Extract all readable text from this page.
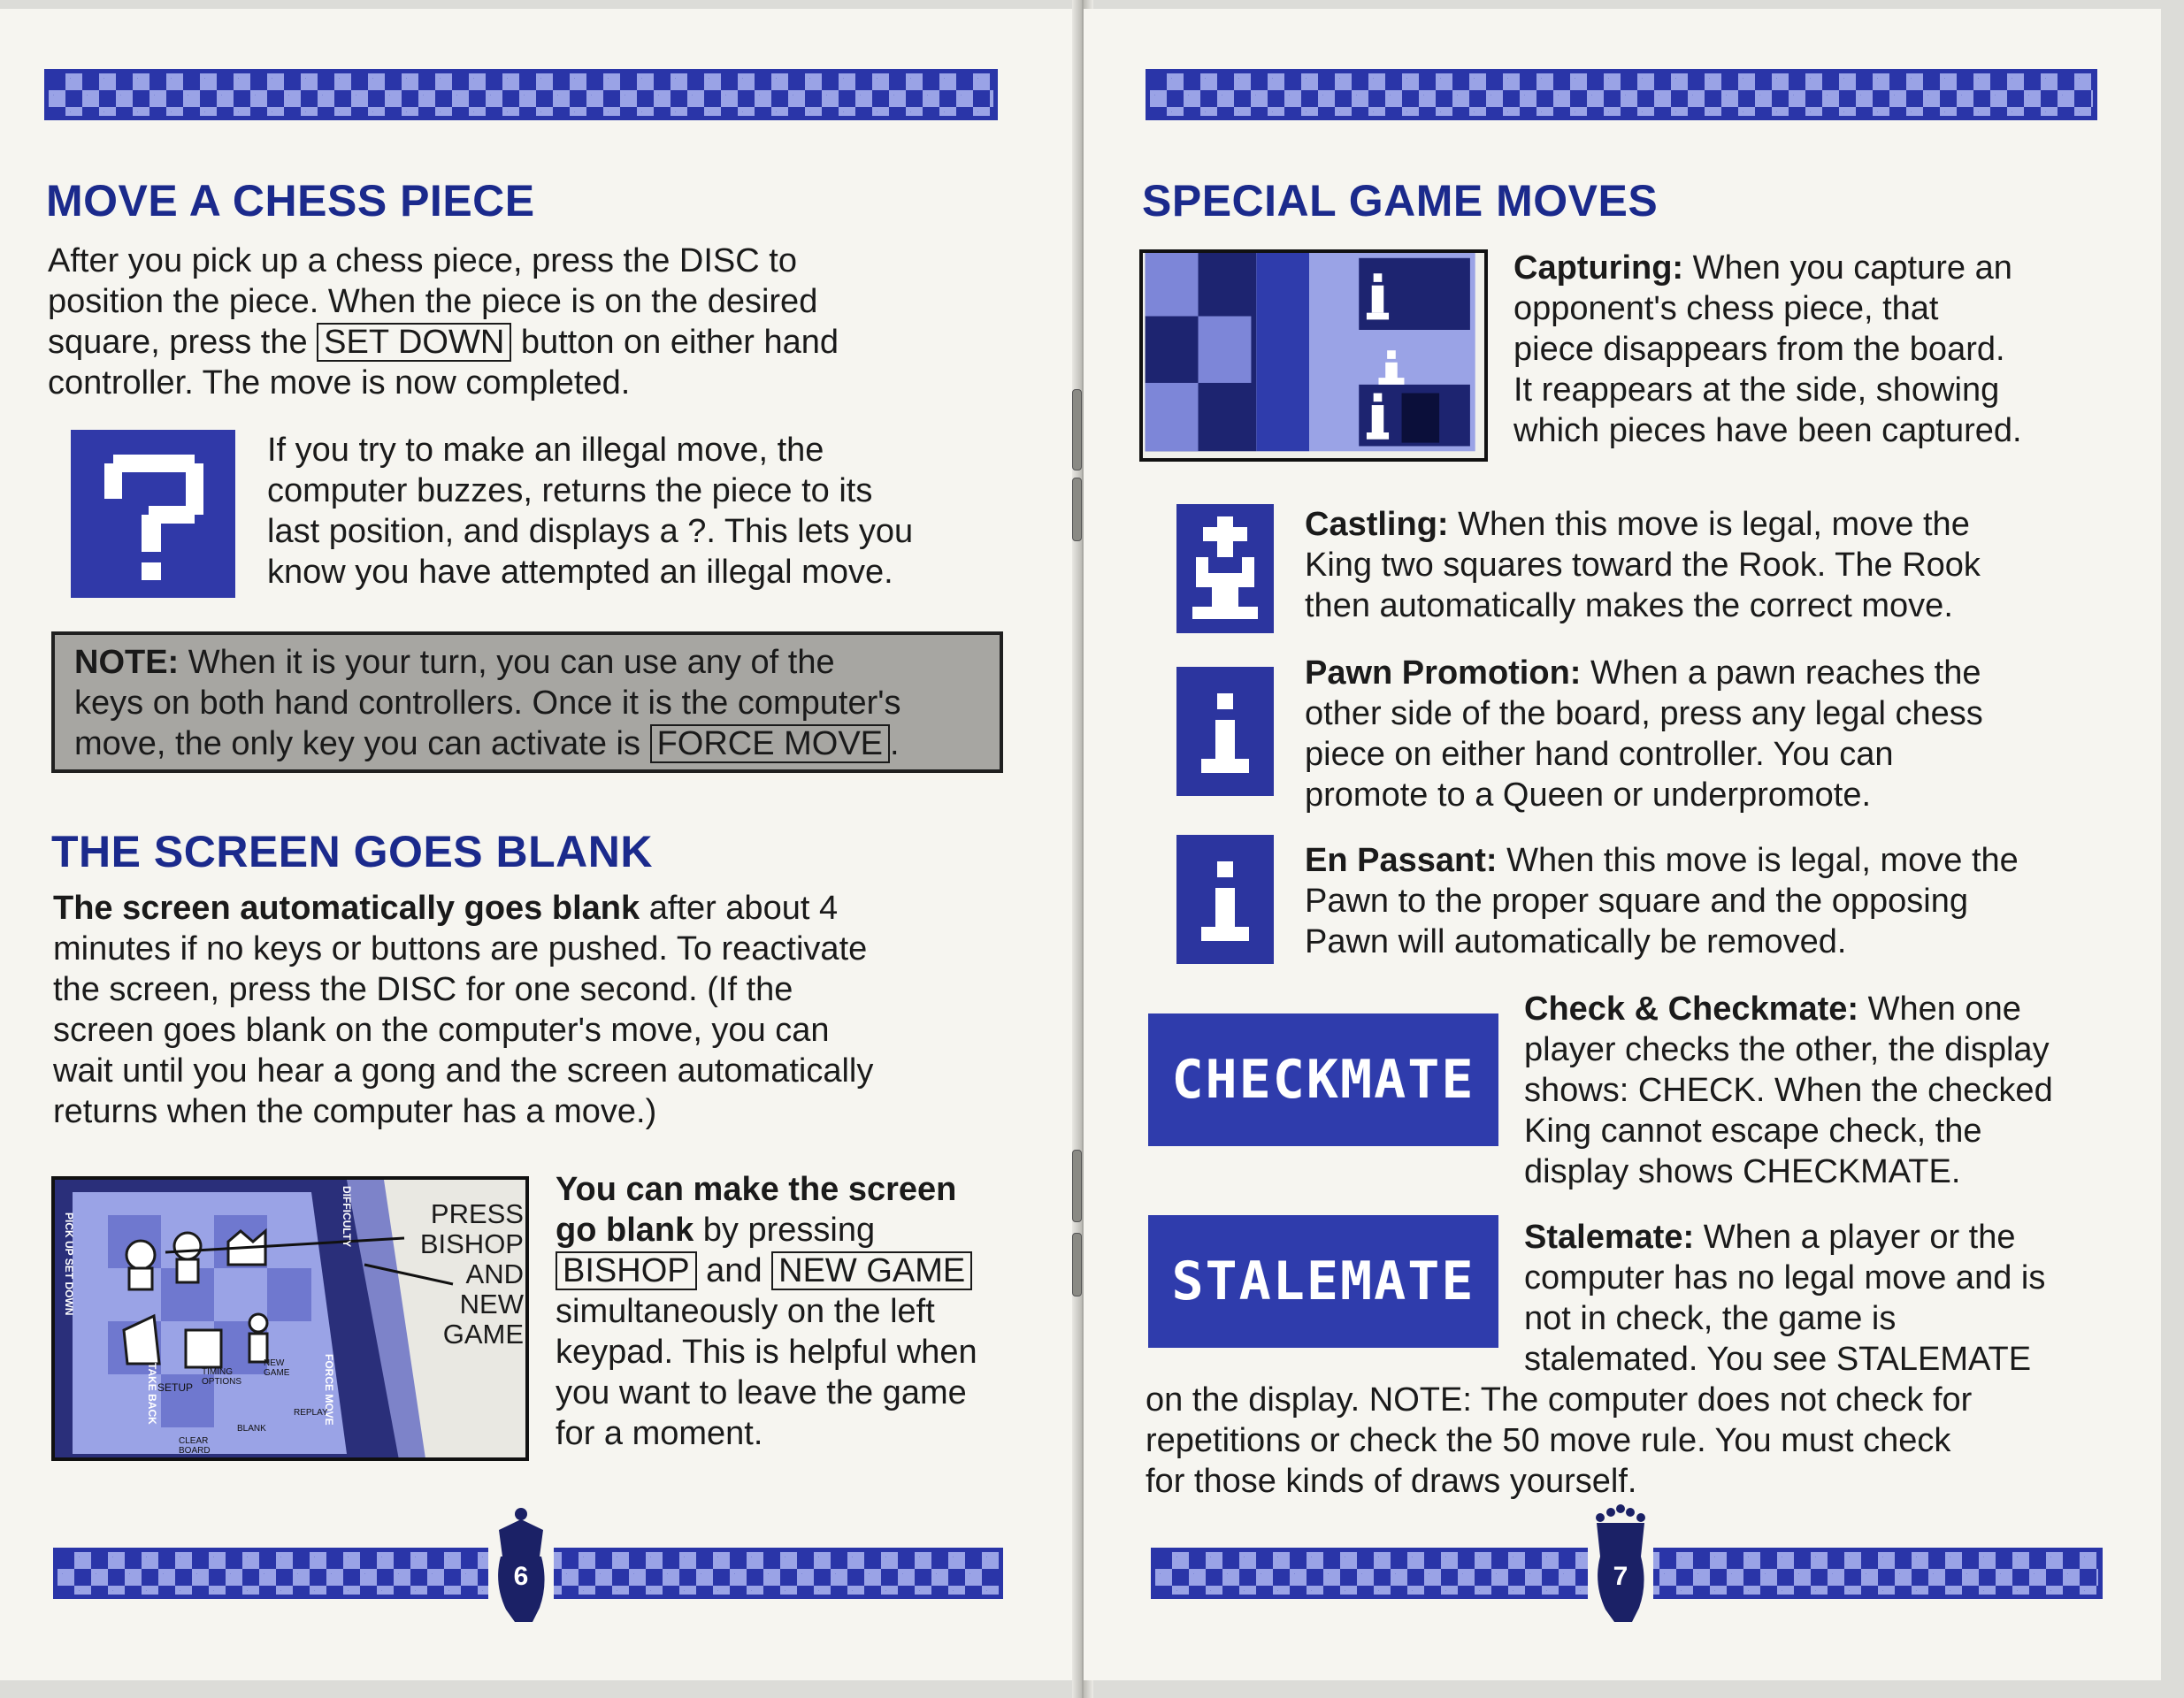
MOVE A CHESS PIECE
After you pick up a chess piece, press the DISC to
position the piece. When the piece is on the desired
square, press the SET DOWN button on either hand
controller. The move is now completed.
If you try to make an illegal move, the
computer buzzes, returns the piece to its
last position, and displays a ?. This lets you
know you have attempted an illegal move.
NOTE: When it is your turn, you can use any of the
keys on both hand controllers. Once it is the computer's
move, the only key you can activate is FORCE MOVE .
THE SCREEN GOES BLANK
The screen automatically goes blank after about 4
minutes if no keys or buttons are pushed. To reactivate
the screen, press the DISC for one second. (If the
screen goes blank on the computer's move, you can
wait until you hear a gong and the screen automatically
returns when the computer has a move.)
PICK UP SET DOWN
TAKE BACK	FORCE MOVE
DIFFICULTY
SETUP
TIMING OPTIONS
NEW GAME
CLEAR BOARD
BLANK
REPLAY
PRESS
BISHOP
AND
NEW
GAME
You can make the screen
go blank by pressing
BISHOP and NEW GAME
simultaneously on the left
keypad. This is helpful when
you want to leave the game
for a moment.
6
SPECIAL GAME MOVES
Capturing: When you capture an
opponent's chess piece, that
piece disappears from the board.
It reappears at the side, showing
which pieces have been captured.
Castling: When this move is legal, move the
King two squares toward the Rook. The Rook
then automatically makes the correct move.
Pawn Promotion: When a pawn reaches the
other side of the board, press any legal chess
piece on either hand controller. You can
promote to a Queen or underpromote.
En Passant: When this move is legal, move the
Pawn to the proper square and the opposing
Pawn will automatically be removed.
CHECKMATE
Check & Checkmate: When one
player checks the other, the display
shows: CHECK. When the checked
King cannot escape check, the
display shows CHECKMATE.
STALEMATE
Stalemate: When a player or the
computer has no legal move and is
not in check, the game is
stalemated. You see STALEMATE
on the display. NOTE: The computer does not check for
repetitions or check the 50 move rule. You must check
for those kinds of draws yourself.
7
